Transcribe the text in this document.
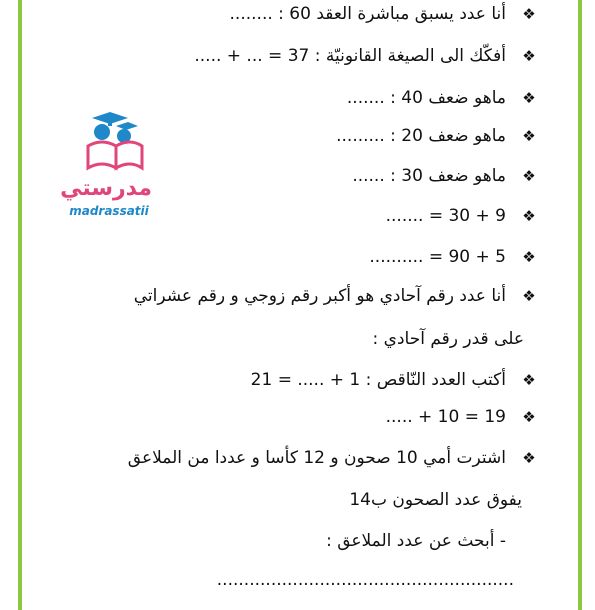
مدرستي
madrassatii
❖
أنا عدد يسبق مباشرة العقد 60 : ........
❖
أفكّك الى الصيغة القانونيّة : 37 = ... + .....
❖
ماهو ضعف 40 : .......
❖
ماهو ضعف 20 : .........
❖
ماهو ضعف 30 : ......
❖
....... = 30 + 9
❖
.......... = 90 + 5
❖
أنا عدد رقم آحادي هو أكبر رقم زوجي و رقم عشراتي
على قدر رقم آحادي :
❖
أكتب العدد النّاقص : 1 + ..... = 21
❖
..... + 10 = 19
❖
اشترت أمي 10 صحون و 12 كأسا و عددا من الملاعق
يفوق عدد الصحون ب14
- أبحث عن عدد الملاعق :
.......................................................
